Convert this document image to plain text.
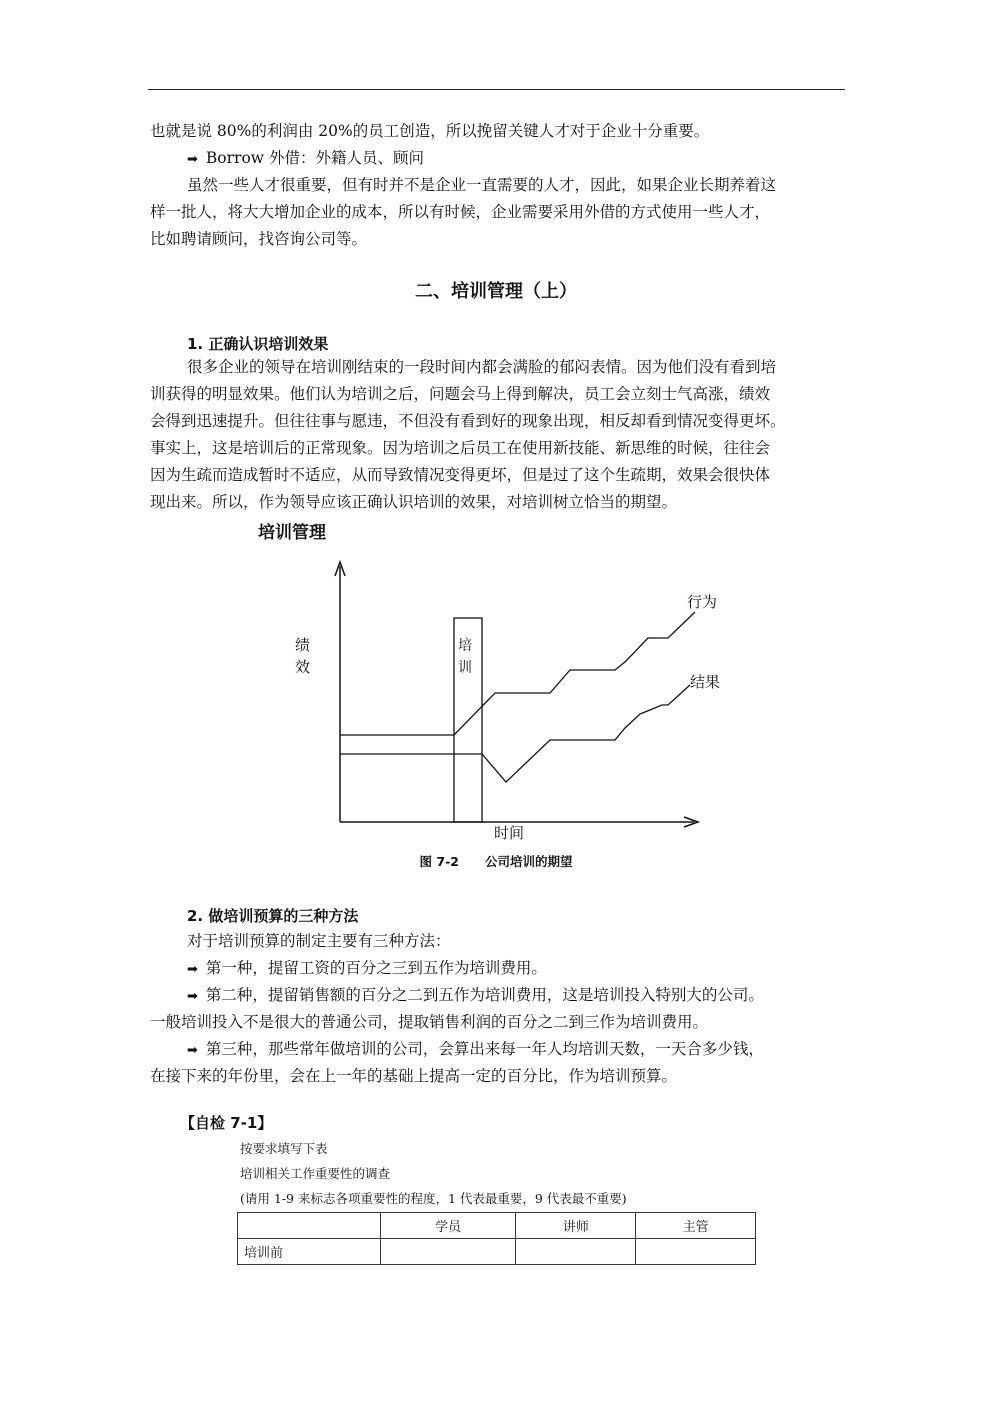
也就是说 80%的利润由 20%的员工创造，所以挽留关键人才对于企业十分重要。
➡ Borrow 外借：外籍人员、顾问
虽然一些人才很重要，但有时并不是企业一直需要的人才，因此，如果企业长期养着这
样一批人，将大大增加企业的成本，所以有时候，企业需要采用外借的方式使用一些人才，
比如聘请顾问，找咨询公司等。
二、培训管理（上）
1. 正确认识培训效果
很多企业的领导在培训刚结束的一段时间内都会满脸的郁闷表情。因为他们没有看到培
训获得的明显效果。他们认为培训之后，问题会马上得到解决，员工会立刻士气高涨，绩效
会得到迅速提升。但往往事与愿违，不但没有看到好的现象出现，相反却看到情况变得更坏。
事实上，这是培训后的正常现象。因为培训之后员工在使用新技能、新思维的时候，往往会
因为生疏而造成暂时不适应，从而导致情况变得更坏，但是过了这个生疏期，效果会很快体
现出来。所以，作为领导应该正确认识培训的效果，对培训树立恰当的期望。
培训管理
绩
效
时间
培
训
行为
结果
图 7-2 公司培训的期望
2. 做培训预算的三种方法
对于培训预算的制定主要有三种方法：
➡ 第一种，提留工资的百分之三到五作为培训费用。
➡ 第二种，提留销售额的百分之二到五作为培训费用，这是培训投入特别大的公司。
一般培训投入不是很大的普通公司，提取销售利润的百分之二到三作为培训费用。
➡ 第三种，那些常年做培训的公司，会算出来每一年人均培训天数，一天合多少钱，
在接下来的年份里，会在上一年的基础上提高一定的百分比，作为培训预算。
【自检 7-1】
按要求填写下表
培训相关工作重要性的调查
(请用 1-9 来标志各项重要性的程度，1 代表最重要，9 代表最不重要)
	学员	讲师	主管
培训前			
